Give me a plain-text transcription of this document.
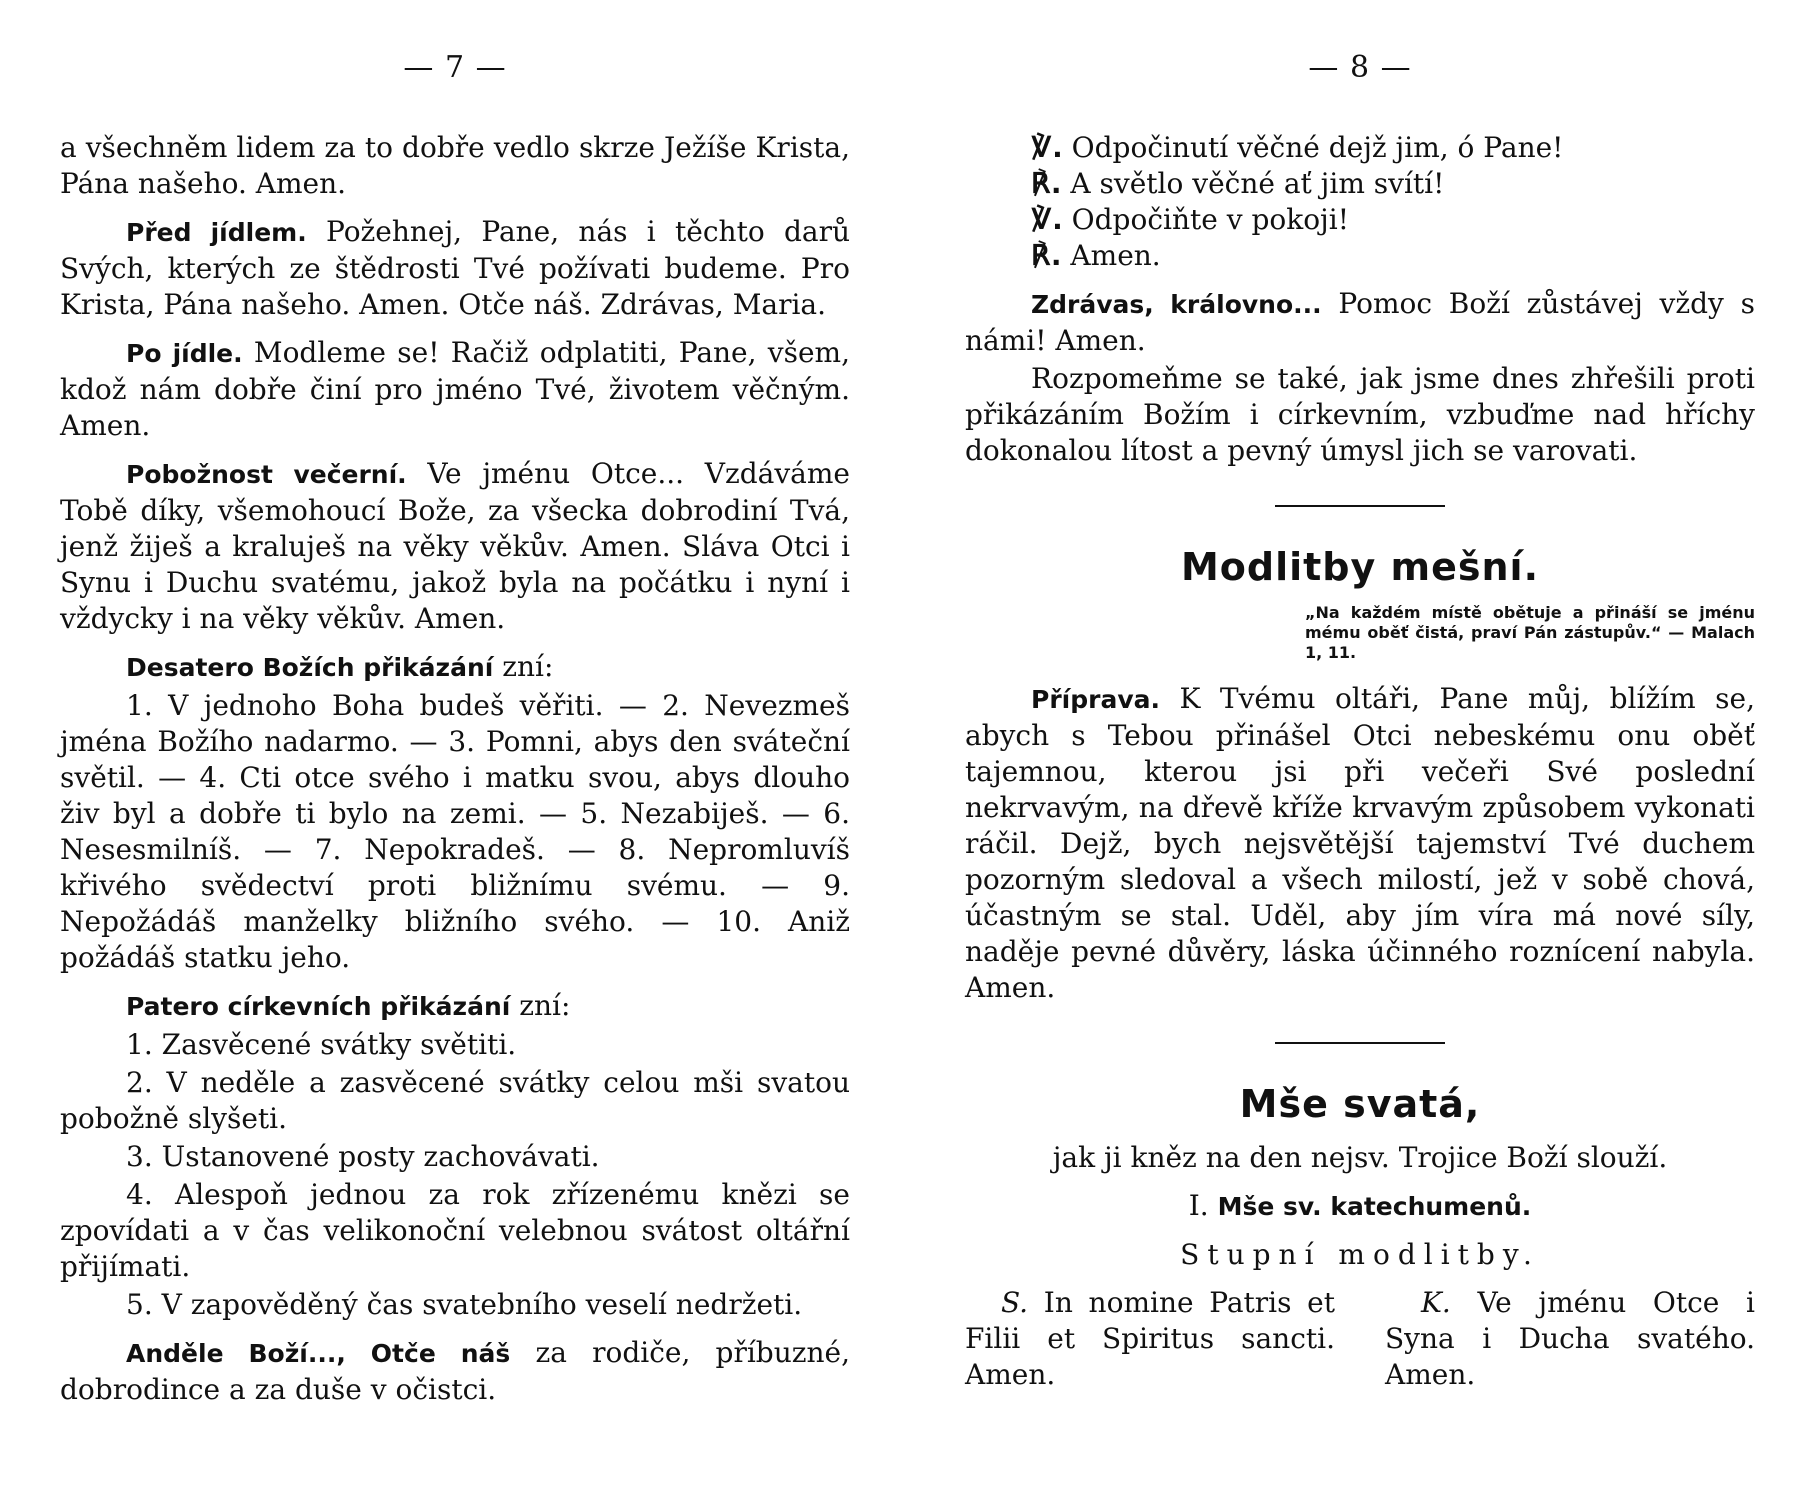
— 7 —

a všechněm lidem za to dobře vedlo skrze Ježíše Krista, Pána našeho. Amen.

Před jídlem. Požehnej, Pane, nás i těchto darů Svých, kterých ze štědrosti Tvé požívati budeme. Pro Krista, Pána našeho. Amen. Otče náš. Zdrávas, Maria.

Po jídle. Modleme se! Račiž odplatiti, Pane, všem, kdož nám dobře činí pro jméno Tvé, životem věčným. Amen.

Pobožnost večerní. Ve jménu Otce... Vzdáváme Tobě díky, všemohoucí Bože, za všecka dobrodiní Tvá, jenž žiješ a kraluješ na věky věkův. Amen. Sláva Otci i Synu i Duchu svatému, jakož byla na počátku i nyní i vždycky i na věky věkův. Amen.

Desatero Božích přikázání zní:

1. V jednoho Boha budeš věřiti. — 2. Nevezmeš jména Božího nadarmo. — 3. Pomni, abys den sváteční světil. — 4. Cti otce svého i matku svou, abys dlouho živ byl a dobře ti bylo na zemi. — 5. Nezabiješ. — 6. Nesesmilníš. — 7. Nepokradeš. — 8. Nepromluvíš křivého svědectví proti bližnímu svému. — 9. Nepožádáš manželky bližního svého. — 10. Aniž požádáš statku jeho.

Patero církevních přikázání zní:

1. Zasvěcené svátky světiti.

2. V neděle a zasvěcené svátky celou mši svatou pobožně slyšeti.

3. Ustanovené posty zachovávati.

4. Alespoň jednou za rok zřízenému knězi se zpovídati a v čas velikonoční velebnou svátost oltářní přijímati.

5. V zapověděný čas svatebního veselí nedržeti.

Anděle Boží..., Otče náš za rodiče, příbuzné, dobrodince a za duše v očistci.

— 8 —
℣. Odpočinutí věčné dejž jim, ó Pane!
℟. A světlo věčné ať jim svítí!
℣. Odpočiňte v pokoji!
℟. Amen.

Zdrávas, královno... Pomoc Boží zůstávej vždy s námi! Amen.

Rozpomeňme se také, jak jsme dnes zhřešili proti přikázáním Božím i církevním, vzbuďme nad hříchy dokonalou lítost a pevný úmysl jich se varovati.

Modlitby mešní.
„Na každém místě obětuje a přináší se jménu mému oběť čistá, praví Pán zástupův.“ — Malach 1, 11.

Příprava. K Tvému oltáři, Pane můj, blížím se, abych s Tebou přinášel Otci nebeskému onu oběť tajemnou, kterou jsi při večeři Své poslední nekrvavým, na dřevě kříže krvavým způsobem vykonati ráčil. Dejž, bych nejsvětější tajemství Tvé duchem pozorným sledoval a všech milostí, jež v sobě chová, účastným se stal. Uděl, aby jím víra má nové síly, naděje pevné důvěry, láska účinného roznícení nabyla. Amen.

Mše svatá,
jak ji kněz na den nejsv. Trojice Boží slouží.
I. Mše sv. katechumenů.
Stupní modlitby.
S. In nomine Patris et Filii et Spiritus sancti. Amen.
K. Ve jménu Otce i Syna i Ducha svatého. Amen.
